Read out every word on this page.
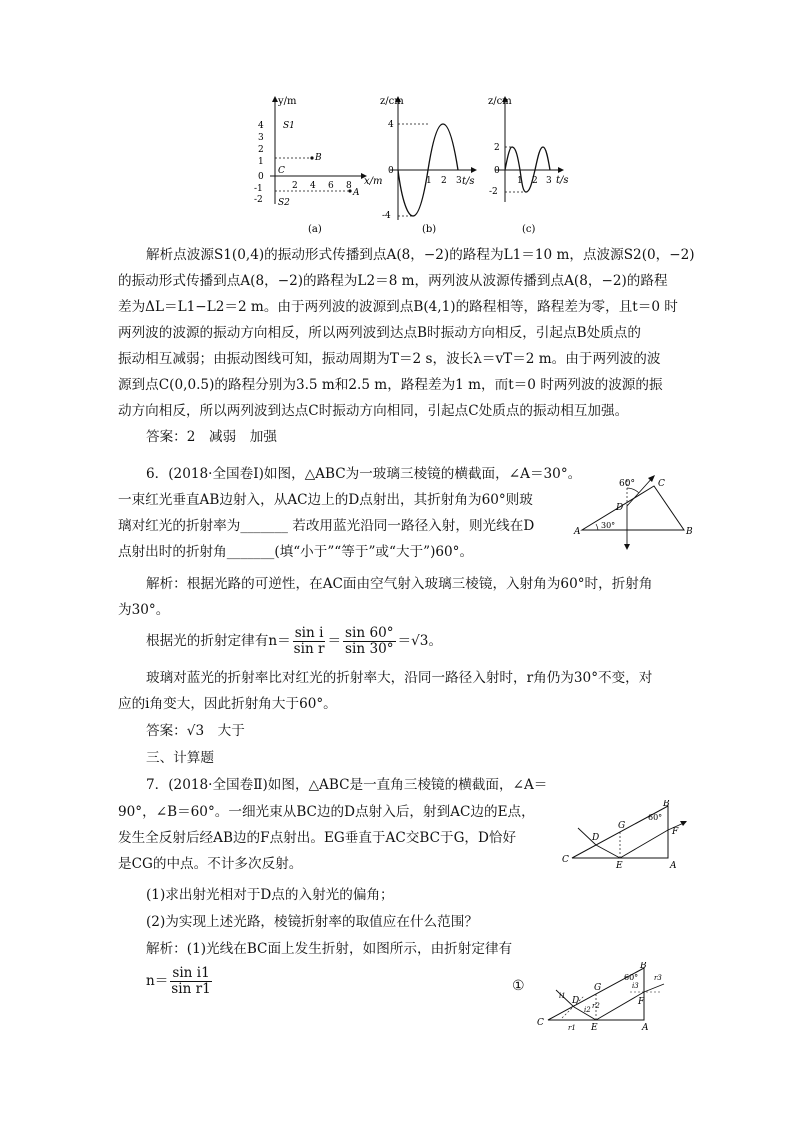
y/m
x/m
4
3
2
1
0
-1
-2
S1
C
S2
B
A
2 4 6 8
(a)
z/cm
t/s
4
0
-4
1 2 3
(b)
z/cm
t/s
2
0
-2
1 2 3
(c)
解析点波源S1(0,4)的振动形式传播到点A(8，−2)的路程为L1＝10 m，点波源S2(0，−2)
的振动形式传播到点A(8，−2)的路程为L2＝8 m，两列波从波源传播到点A(8，−2)的路程
差为ΔL＝L1−L2＝2 m。由于两列波的波源到点B(4,1)的路程相等，路程差为零，且t＝0 时
两列波的波源的振动方向相反，所以两列波到达点B时振动方向相反，引起点B处质点的
振动相互减弱；由振动图线可知，振动周期为T＝2 s，波长λ＝vT＝2 m。由于两列波的波
源到点C(0,0.5)的路程分别为3.5 m和2.5 m，路程差为1 m，而t＝0 时两列波的波源的振
动方向相反，所以两列波到达点C时振动方向相同，引起点C处质点的振动相互加强。
答案：2　减弱　加强
6．(2018·全国卷Ⅰ)如图，△ABC为一玻璃三棱镜的横截面，∠A＝30°。
一束红光垂直AB边射入，从AC边上的D点射出，其折射角为60°则玻
璃对红光的折射率为_______ 若改用蓝光沿同一路径入射，则光线在D
点射出时的折射角_______(填“小于”“等于”或“大于”)60°。
60°
D
30°
A	B
C
解析：根据光路的可逆性，在AC面由空气射入玻璃三棱镜，入射角为60°时，折射角
为30°。
根据光的折射定律有$n= \frac{\text{sin i}}{\text{sin r}} = \frac{\sin 60^\circ}{\sin 30^\circ} =√3$。
玻璃对蓝光的折射率比对红光的折射率大，沿同一路径入射时，r角仍为30°不变，对
应的i角变大，因此折射角大于60°。
答案：√3　大于
三、计算题
7．(2018·全国卷Ⅱ)如图，△ABC是一直角三棱镜的横截面，∠A＝
90°，∠B＝60°。一细光束从BC边的D点射入后，射到AC边的E点，
发生全反射后经AB边的F点射出。EG垂直于AC交BC于G，D恰好
是CG的中点。不计多次反射。
D
G
B
F
C
E	A
60°
(1)求出射光相对于D点的入射光的偏角；
(2)为实现上述光路，棱镜折射率的取值应在什么范围？
解析：(1)光线在BC面上发生折射，如图所示，由折射定律有
$n= \frac{\text{sin i1}}{\text{sin r1}}$	①
i1
r1
i2 r2
i3
r3
D
G
B
F
C	E	A
60°
